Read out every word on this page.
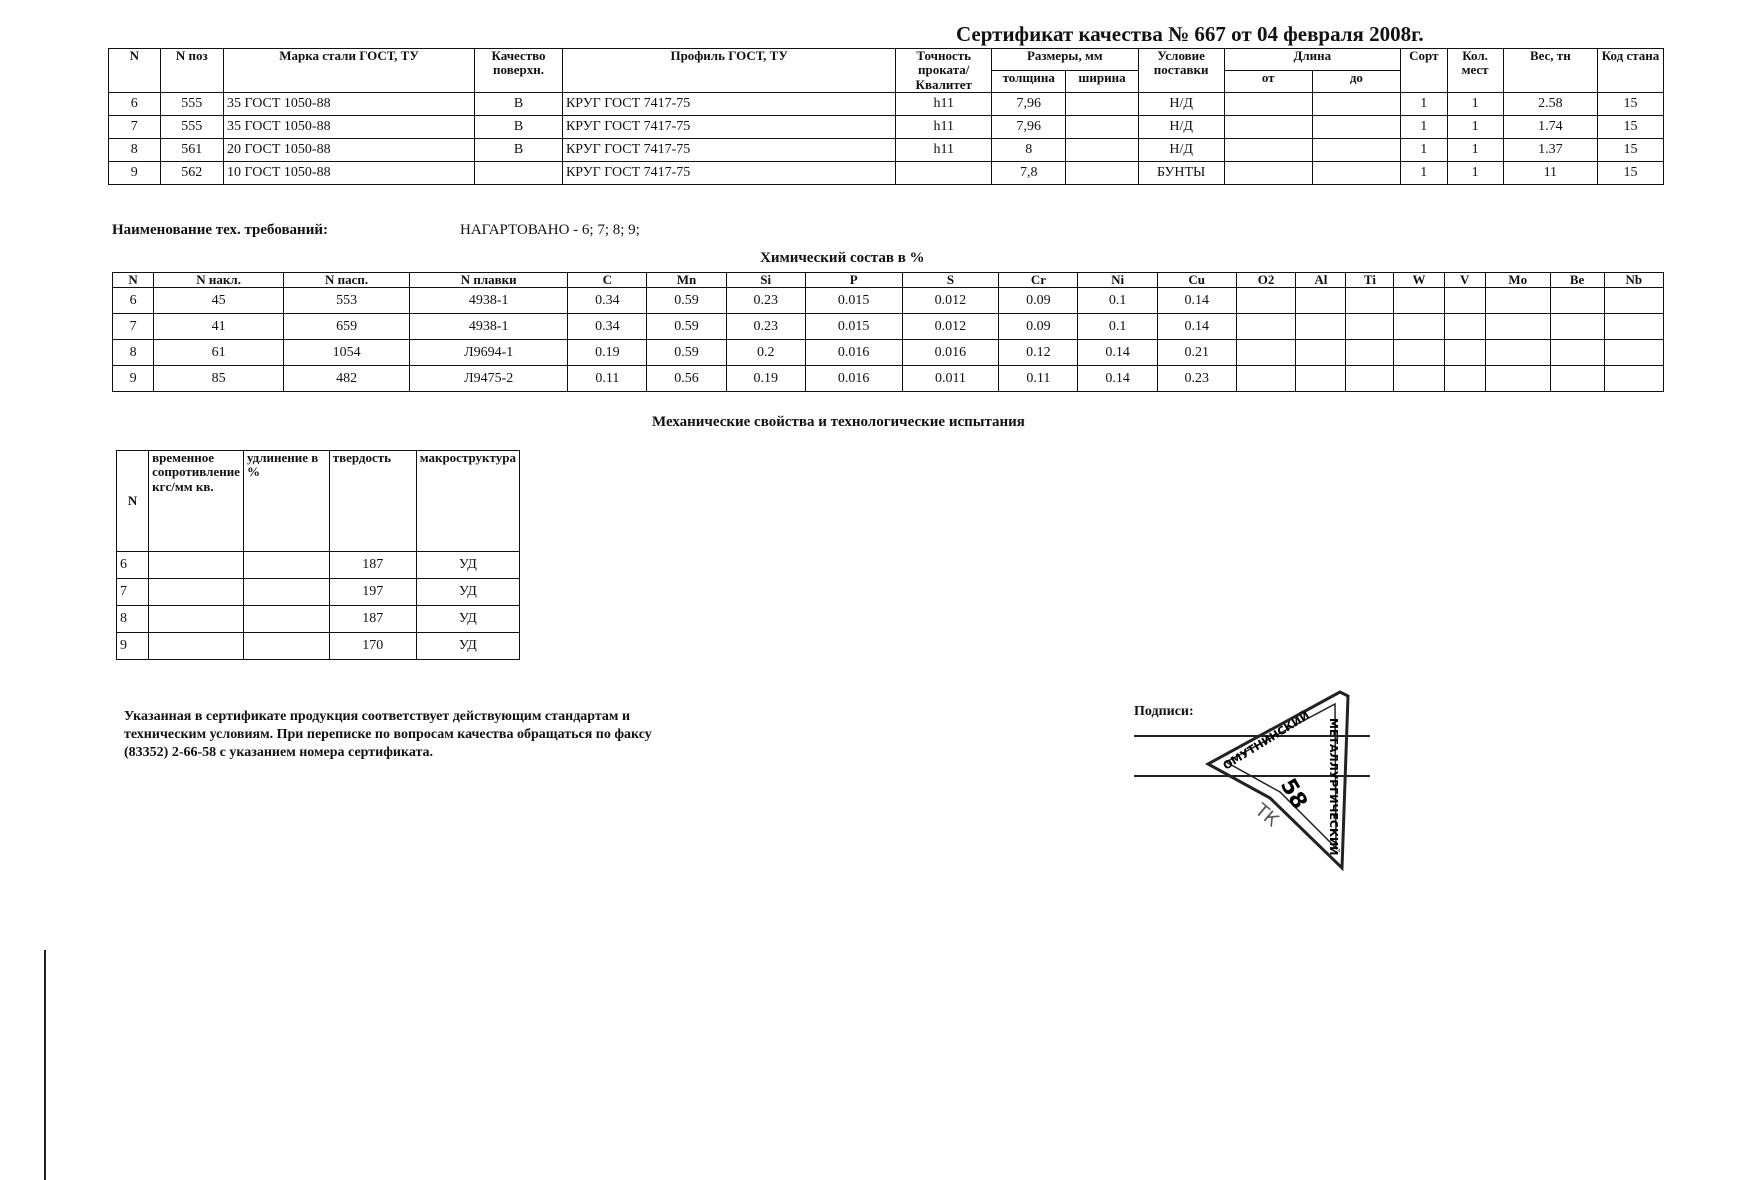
Сертификат качества № 667 от 04 февраля 2008г.
N	N поз	Марка стали ГОСТ, ТУ	Качество поверхн.	Профиль ГОСТ, ТУ	Точность проката/ Квалитет	Размеры, мм		Условие поставки	Длина		Сорт	Кол. мест	Вес, тн	Код стана
						толщина	ширина		от	до				
6	555	35 ГОСТ 1050-88	В	КРУГ ГОСТ 7417-75	h11	7,96		Н/Д			1	1	2.58	15
7	555	35 ГОСТ 1050-88	В	КРУГ ГОСТ 7417-75	h11	7,96		Н/Д			1	1	1.74	15
8	561	20 ГОСТ 1050-88	В	КРУГ ГОСТ 7417-75	h11	8		Н/Д			1	1	1.37	15
9	562	10 ГОСТ 1050-88		КРУГ ГОСТ 7417-75		7,8		БУНТЫ			1	1	11	15
Наименование тех. требований:	НАГАРТОВАНО - 6; 7; 8; 9;
Химический состав в %
N	N накл.	N пасп.	N плавки	C	Mn	Si	P	S	Cr	Ni	Cu	O2	Al	Ti	W	V	Mo	Be	Nb
6	45	553	4938-1	0.34	0.59	0.23	0.015	0.012	0.09	0.1	0.14								
7	41	659	4938-1	0.34	0.59	0.23	0.015	0.012	0.09	0.1	0.14								
8	61	1054	Л9694-1	0.19	0.59	0.2	0.016	0.016	0.12	0.14	0.21								
9	85	482	Л9475-2	0.11	0.56	0.19	0.016	0.011	0.11	0.14	0.23								
Механические свойства и технологические испытания
N	временное сопротивление кгс/мм кв.	удлинение в %	твердость	макроструктура
6			187	УД
7			197	УД
8			187	УД
9			170	УД
Указанная в сертификате продукция соответствует действующим стандартам и
техническим условиям. При переписке по вопросам качества обращаться по факсу
(83352) 2-66-58 с указанием номера сертификата.
Подписи: ОМУТНИНСКИЙ МЕТАЛЛУРГИЧЕСКИЙ
58
ТК
